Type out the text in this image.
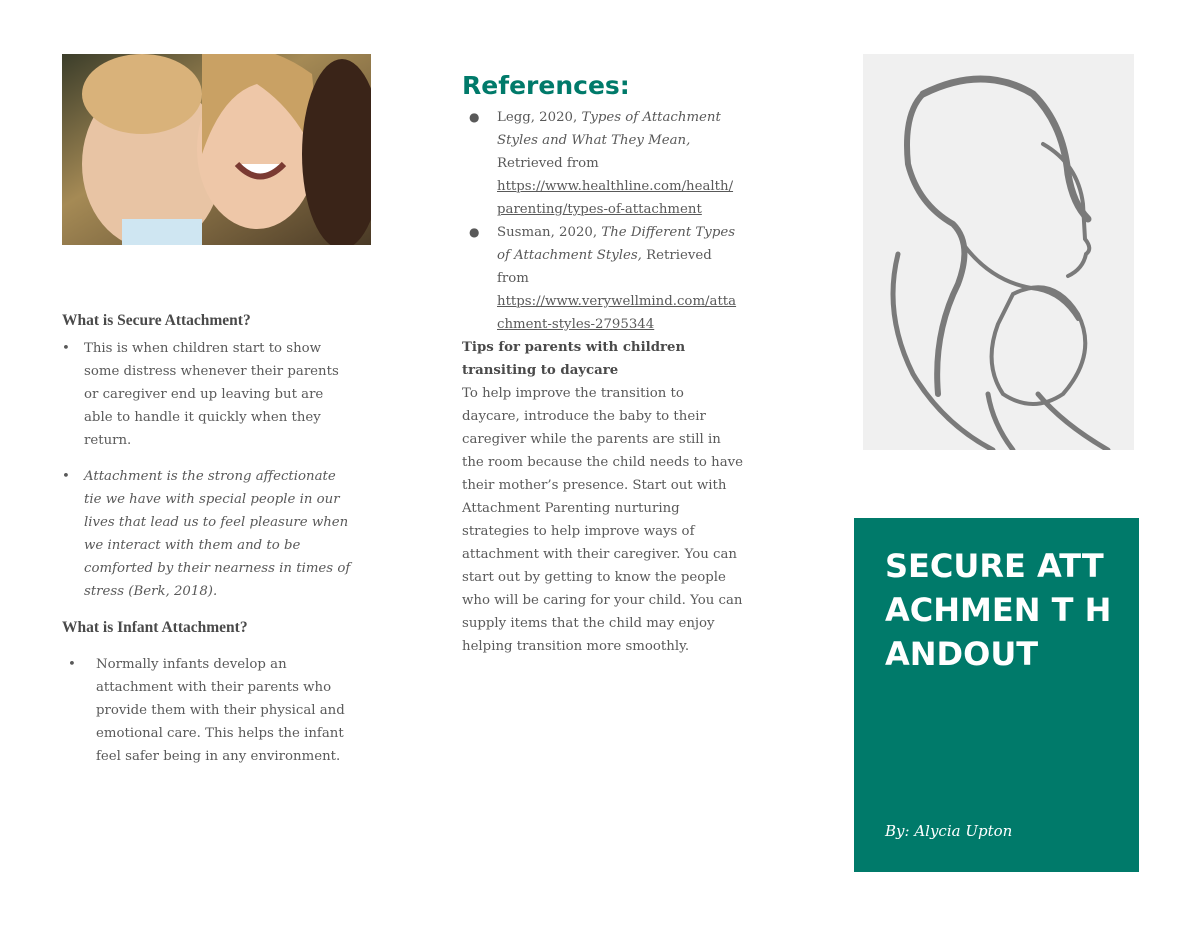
What is Secure Attachment?

• This is when children start to show some distress whenever their parents or caregiver end up leaving but are able to handle it quickly when they return.
• Attachment is the strong affectionate tie we have with special people in our lives that lead us to feel pleasure when we interact with them and to be comforted by their nearness in times of stress (Berk, 2018).

What is Infant Attachment?

• Normally infants develop an attachment with their parents who provide them with their physical and emotional care. This helps the infant feel safer being in any environment.

References:

● Legg, 2020, Types of Attachment Styles and What They Mean, Retrieved from
https://www.healthline.com/health/
parenting/types-of-attachment
● Susman, 2020, The Different Types of Attachment Styles, Retrieved from
https://www.verywellmind.com/atta
chment-styles-2795344

Tips for parents with children transiting to daycare

To help improve the transition to daycare, introduce the baby to their caregiver while the parents are still in the room because the child needs to have their mother’s presence. Start out with Attachment Parenting nurturing strategies to help improve ways of attachment with their caregiver. You can start out by getting to know the people who will be caring for your child. You can supply items that the child may enjoy helping transition more smoothly.

SECURE ATTACHMEN T HANDOUT

By: Alycia Upton
